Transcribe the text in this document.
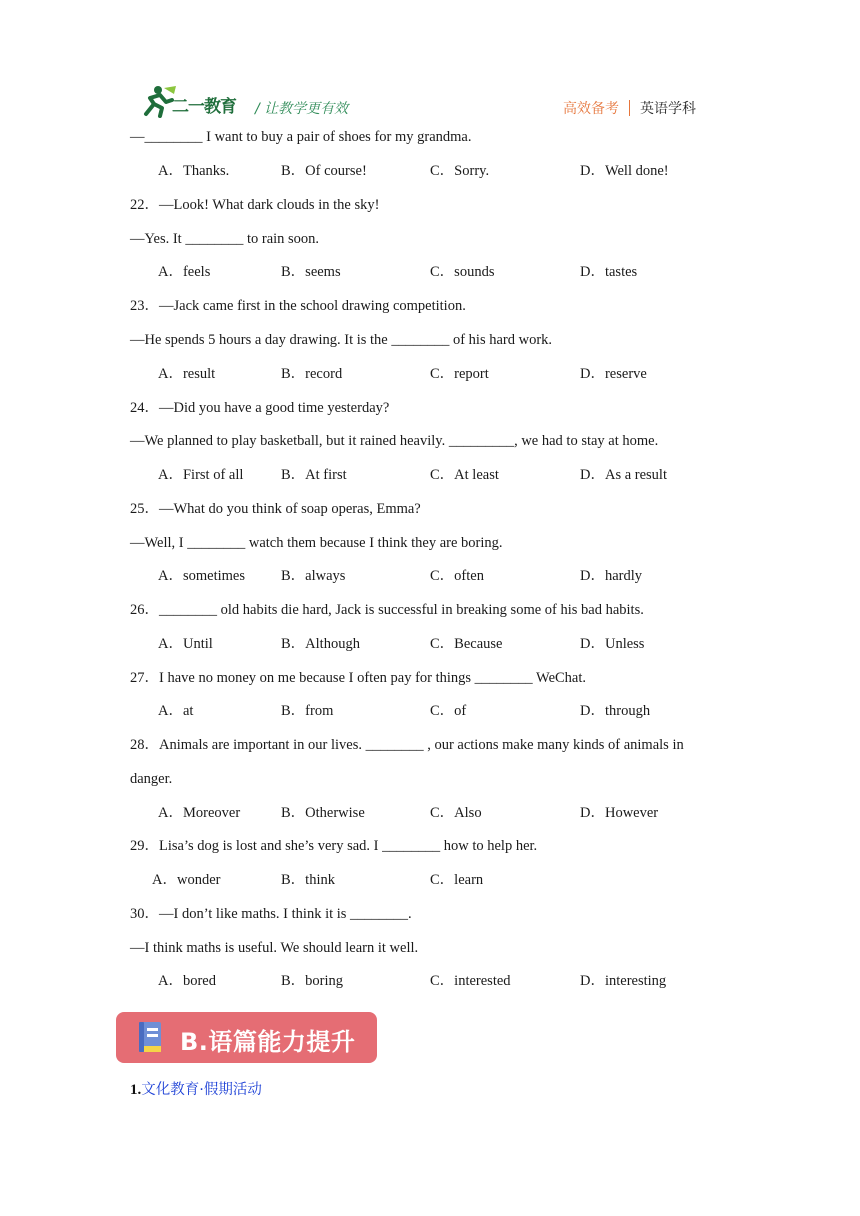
二一教育 / 让教学更有效	高效备考 英语学科
—________ I want to buy a pair of shoes for my grandma.
A．Thanks.	B．Of course!	C．Sorry.	D．Well done!
22．—Look! What dark clouds in the sky!
—Yes. It ________ to rain soon.
A．feels	B．seems	C．sounds	D．tastes
23．—Jack came first in the school drawing competition.
—He spends 5 hours a day drawing. It is the ________ of his hard work.
A．result	B．record	C．report	D．reserve
24．—Did you have a good time yesterday?
—We planned to play basketball, but it rained heavily. _________, we had to stay at home.
A．First of all	B．At first	C．At least	D．As a result
25．—What do you think of soap operas, Emma?
—Well, I ________ watch them because I think they are boring.
A．sometimes B．always	C．often	D．hardly
26．________ old habits die hard, Jack is successful in breaking some of his bad habits.
A．Until	B．Although	C．Because	D．Unless
27．I have no money on me because I often pay for things ________ WeChat.
A．at	B．from	C．of	D．through
28．Animals are important in our lives. ________ , our actions make many kinds of animals in
danger.
A．Moreover	B．Otherwise	C．Also	D．However
29．Lisa’s dog is lost and she’s very sad. I ________ how to help her.
A．wonder	B．think	C．learn
30．—I don’t like maths. I think it is ________.
—I think maths is useful. We should learn it well.
A．bored	B．boring	C．interested	D．interesting
B.语篇能力提升
1.文化教育·假期活动
